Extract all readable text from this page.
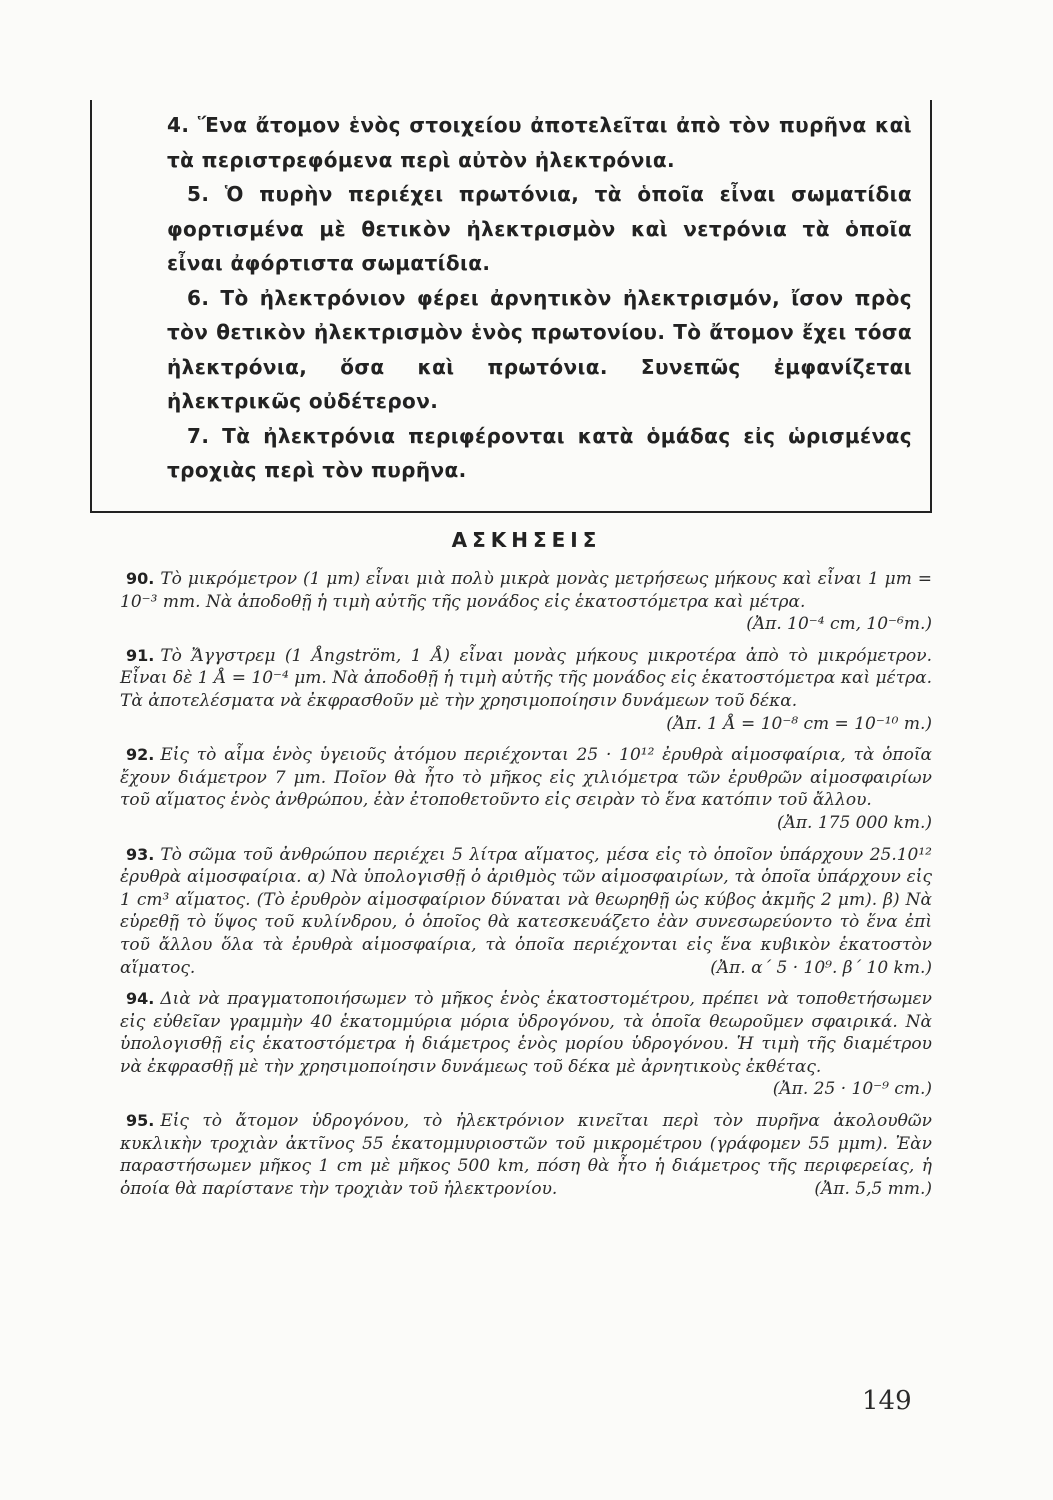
4. Ἕνα ἄτομον ἑνὸς στοιχείου ἀποτελεῖται ἀπὸ τὸν πυρῆνα καὶ τὰ περιστρεφόμενα περὶ αὐτὸν ἠλεκτρόνια.

5. Ὁ πυρὴν περιέχει πρωτόνια, τὰ ὁποῖα εἶναι σωματίδια φορτισμένα μὲ θετικὸν ἠλεκτρισμὸν καὶ νετρόνια τὰ ὁποῖα εἶναι ἀφόρτιστα σωματίδια.

6. Τὸ ἠλεκτρόνιον φέρει ἀρνητικὸν ἠλεκτρισμόν, ἴσον πρὸς τὸν θετικὸν ἠλεκτρισμὸν ἑνὸς πρωτονίου. Τὸ ἄτομον ἔχει τόσα ἠλεκτρόνια, ὅσα καὶ πρωτόνια. Συνεπῶς ἐμφανίζεται ἠλεκτρικῶς οὐδέτερον.

7. Τὰ ἠλεκτρόνια περιφέρονται κατὰ ὁμάδας εἰς ὡρισμένας τροχιὰς περὶ τὸν πυρῆνα.

ΑΣΚΗΣΕΙΣ

90. Τὸ μικρόμετρον (1 μm) εἶναι μιὰ πολὺ μικρὰ μονὰς μετρήσεως μήκους καὶ εἶναι 1 μm = 10⁻³ mm. Νὰ ἀποδοθῇ ἡ τιμὴ αὐτῆς τῆς μονάδος εἰς ἑκατοστόμετρα καὶ μέτρα.
(Ἀπ. 10⁻⁴ cm, 10⁻⁶m.)

91. Τὸ Ἄγγστρεμ (1 Ångström, 1 Å) εἶναι μονὰς μήκους μικροτέρα ἀπὸ τὸ μικρόμετρον. Εἶναι δὲ 1 Å = 10⁻⁴ μm. Νὰ ἀποδοθῇ ἡ τιμὴ αὐτῆς τῆς μονάδος εἰς ἑκατοστόμετρα καὶ μέτρα. Τὰ ἀποτελέσματα νὰ ἐκφρασθοῦν μὲ τὴν χρησιμοποίησιν δυνάμεων τοῦ δέκα.
(Ἀπ. 1 Å = 10⁻⁸ cm = 10⁻¹⁰ m.)

92. Εἰς τὸ αἷμα ἑνὸς ὑγειοῦς ἀτόμου περιέχονται 25 · 10¹² ἐρυθρὰ αἱμοσφαίρια, τὰ ὁποῖα ἔχουν διάμετρον 7 μm. Ποῖον θὰ ἦτο τὸ μῆκος εἰς χιλιόμετρα τῶν ἐρυθρῶν αἱμοσφαιρίων τοῦ αἵματος ἑνὸς ἀνθρώπου, ἐὰν ἐτοποθετοῦντο εἰς σειρὰν τὸ ἕνα κατόπιν τοῦ ἄλλου.
(Ἀπ. 175 000 km.)

93. Τὸ σῶμα τοῦ ἀνθρώπου περιέχει 5 λίτρα αἵματος, μέσα εἰς τὸ ὁποῖον ὑπάρχουν 25.10¹² ἐρυθρὰ αἱμοσφαίρια. α) Νὰ ὑπολογισθῇ ὁ ἀριθμὸς τῶν αἱμοσφαιρίων, τὰ ὁποῖα ὑπάρχουν εἰς 1 cm³ αἵματος. (Τὸ ἐρυθρὸν αἱμοσφαίριον δύναται νὰ θεωρηθῇ ὡς κύβος ἀκμῆς 2 μm). β) Νὰ εὑρεθῇ τὸ ὕψος τοῦ κυλίνδρου, ὁ ὁποῖος θὰ κατεσκευάζετο ἐὰν συνεσωρεύοντο τὸ ἕνα ἐπὶ τοῦ ἄλλου ὅλα τὰ ἐρυθρὰ αἱμοσφαίρια, τὰ ὁποῖα περιέχονται εἰς ἕνα κυβικὸν ἑκατοστὸν αἵματος.	(Ἀπ. α΄ 5 · 10⁹. β΄ 10 km.)

94. Διὰ νὰ πραγματοποιήσωμεν τὸ μῆκος ἑνὸς ἑκατοστομέτρου, πρέπει νὰ τοποθετήσωμεν εἰς εὐθεῖαν γραμμὴν 40 ἑκατομμύρια μόρια ὑδρογόνου, τὰ ὁποῖα θεωροῦμεν σφαιρικά. Νὰ ὑπολογισθῇ εἰς ἑκατοστόμετρα ἡ διάμετρος ἑνὸς μορίου ὑδρογόνου. Ἡ τιμὴ τῆς διαμέτρου νὰ ἐκφρασθῇ μὲ τὴν χρησιμοποίησιν δυνάμεως τοῦ δέκα μὲ ἀρνητικοὺς ἐκθέτας.
(Ἀπ. 25 · 10⁻⁹ cm.)

95. Εἰς τὸ ἄτομον ὑδρογόνου, τὸ ἠλεκτρόνιον κινεῖται περὶ τὸν πυρῆνα ἀκολουθῶν κυκλικὴν τροχιὰν ἀκτῖνος 55 ἑκατομμυριοστῶν τοῦ μικρομέτρου (γράφομεν 55 μμm). Ἐὰν παραστήσωμεν μῆκος 1 cm μὲ μῆκος 500 km, πόση θὰ ἦτο ἡ διάμετρος τῆς περιφερείας, ἡ ὁποία θὰ παρίστανε τὴν τροχιὰν τοῦ ἠλεκτρονίου.	(Ἀπ. 5,5 mm.)

149
